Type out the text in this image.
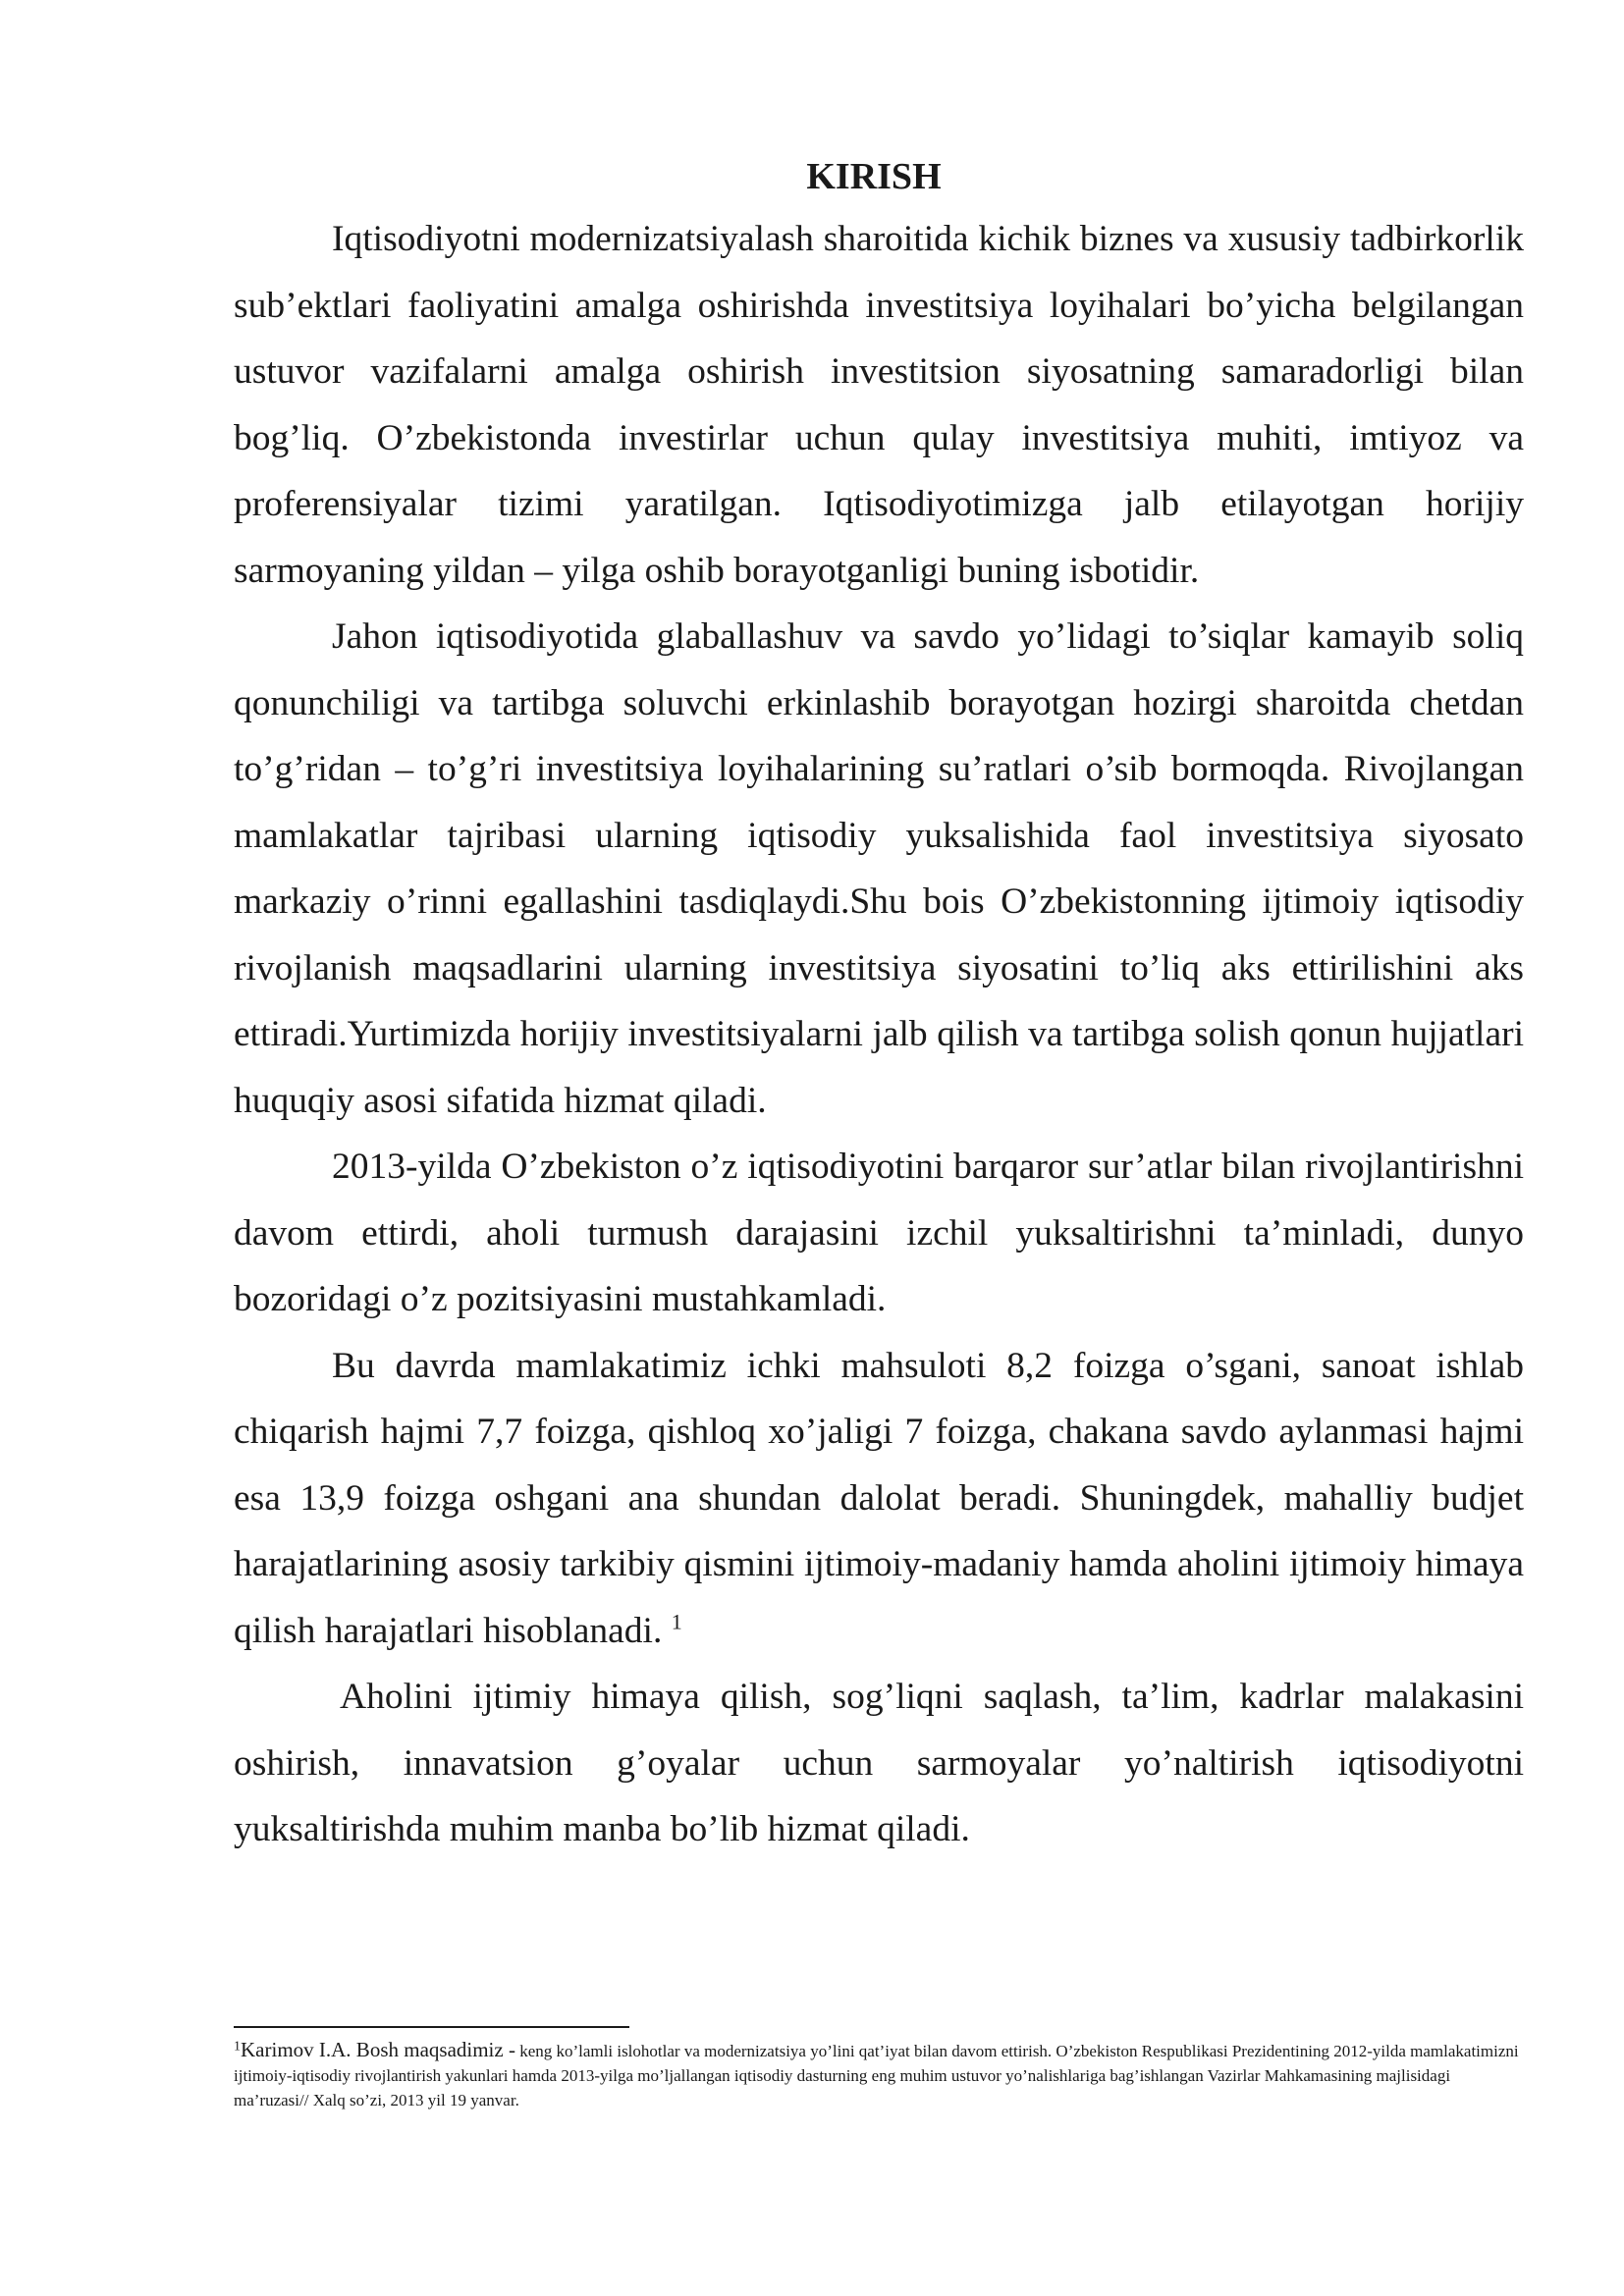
KIRISH

Iqtisodiyotni modernizatsiyalash sharoitida kichik biznes va xususiy tadbirkorlik sub’ektlari faoliyatini amalga oshirishda investitsiya loyihalari bo’yicha belgilangan ustuvor vazifalarni amalga oshirish investitsion siyosatning samaradorligi bilan bog’liq. O’zbekistonda investirlar uchun qulay investitsiya muhiti, imtiyoz va proferensiyalar tizimi yaratilgan. Iqtisodiyotimizga jalb etilayotgan horijiy sarmoyaning yildan – yilga oshib borayotganligi buning isbotidir.

Jahon iqtisodiyotida glaballashuv va savdo yo’lidagi to’siqlar kamayib soliq qonunchiligi va tartibga soluvchi erkinlashib borayotgan hozirgi sharoitda chetdan to’g’ridan – to’g’ri investitsiya loyihalarining su’ratlari o’sib bormoqda. Rivojlangan mamlakatlar tajribasi ularning iqtisodiy yuksalishida faol investitsiya siyosato markaziy o’rinni egallashini tasdiqlaydi.Shu bois O’zbekistonning ijtimoiy iqtisodiy rivojlanish maqsadlarini ularning investitsiya siyosatini to’liq aks ettirilishini aks ettiradi.Yurtimizda horijiy investitsiyalarni jalb qilish va tartibga solish qonun hujjatlari huquqiy asosi sifatida hizmat qiladi.

2013-yilda O’zbekiston o’z iqtisodiyotini barqaror sur’atlar bilan rivojlantirishni davom ettirdi, aholi turmush darajasini izchil yuksaltirishni ta’minladi, dunyo bozoridagi o’z pozitsiyasini mustahkamladi.

Bu davrda mamlakatimiz ichki mahsuloti 8,2 foizga o’sgani, sanoat ishlab chiqarish hajmi 7,7 foizga, qishloq xo’jaligi 7 foizga, chakana savdo aylanmasi hajmi esa 13,9 foizga oshgani ana shundan dalolat beradi. Shuningdek, mahalliy budjet harajatlarining asosiy tarkibiy qismini ijtimoiy-madaniy hamda aholini ijtimoiy himaya qilish harajatlari hisoblanadi. $^1$

Aholini ijtimiy himaya qilish, sog’liqni saqlash, ta’lim, kadrlar malakasini oshirish, innavatsion g’oyalar uchun sarmoyalar yo’naltirish iqtisodiyotni yuksaltirishda muhim manba bo’lib hizmat qiladi.

$^1$Karimov I.A. Bosh maqsadimiz - keng ko’lamli islohotlar va modernizatsiya yo’lini qat’iyat bilan davom ettirish. O’zbekiston Respublikasi Prezidentining 2012-yilda mamlakatimizni ijtimoiy-iqtisodiy rivojlantirish yakunlari hamda 2013-yilga mo’ljallangan iqtisodiy dasturning eng muhim ustuvor yo’nalishlariga bag’ishlangan Vazirlar Mahkamasining majlisidagi ma’ruzasi// Xalq so’zi, 2013 yil 19 yanvar.
